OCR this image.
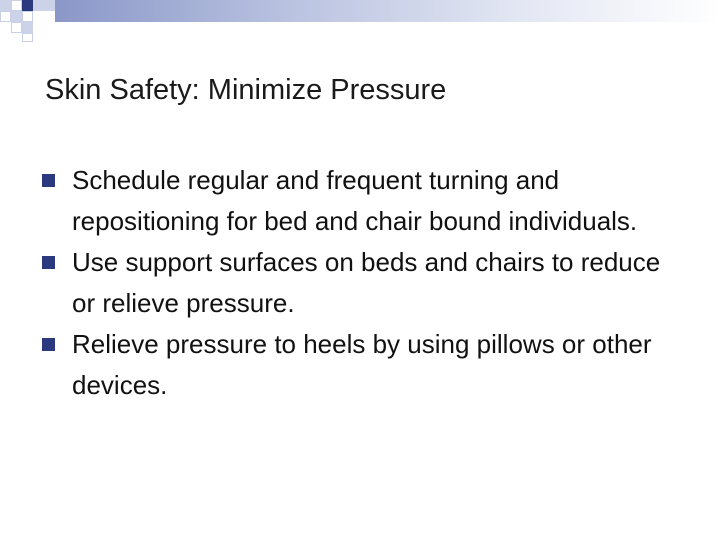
Skin Safety: Minimize Pressure
Schedule regular and frequent turning and repositioning for bed and chair bound individuals.
Use support surfaces on beds and chairs to reduce or relieve pressure.
Relieve pressure to heels by using pillows or other devices.
